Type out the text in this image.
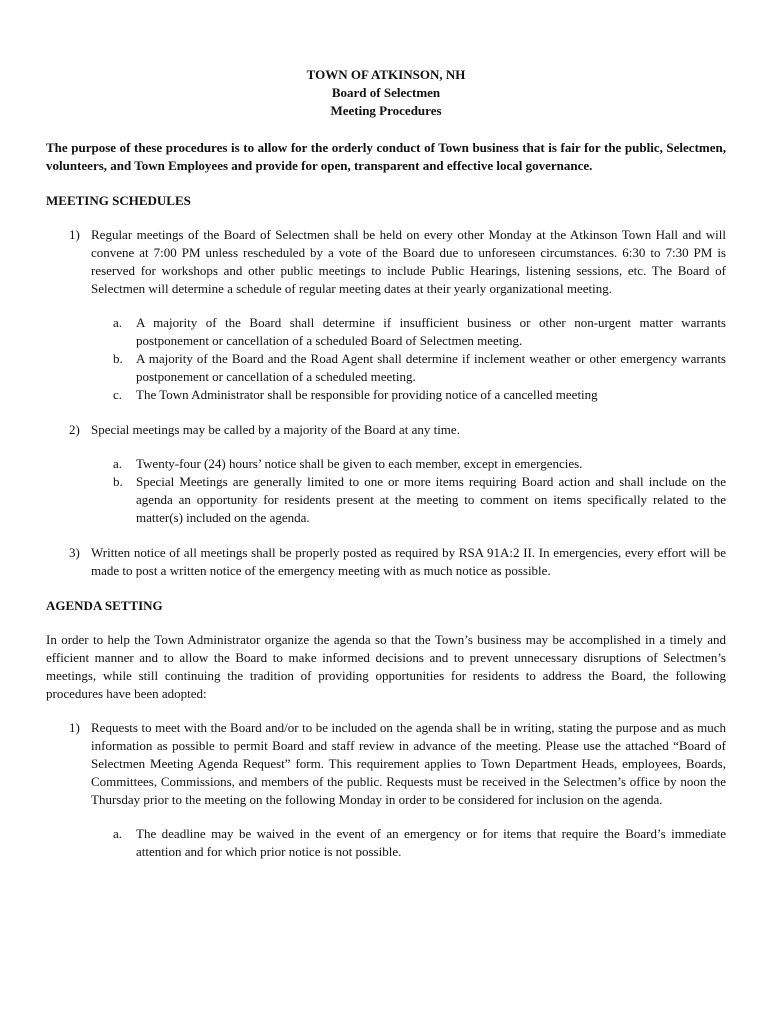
TOWN OF ATKINSON, NH
Board of Selectmen
Meeting Procedures
The purpose of these procedures is to allow for the orderly conduct of Town business that is fair for the public, Selectmen, volunteers, and Town Employees and provide for open, transparent and effective local governance.
MEETING SCHEDULES
1) Regular meetings of the Board of Selectmen shall be held on every other Monday at the Atkinson Town Hall and will convene at 7:00 PM unless rescheduled by a vote of the Board due to unforeseen circumstances. 6:30 to 7:30 PM is reserved for workshops and other public meetings to include Public Hearings, listening sessions, etc. The Board of Selectmen will determine a schedule of regular meeting dates at their yearly organizational meeting.
a. A majority of the Board shall determine if insufficient business or other non-urgent matter warrants postponement or cancellation of a scheduled Board of Selectmen meeting.
b. A majority of the Board and the Road Agent shall determine if inclement weather or other emergency warrants postponement or cancellation of a scheduled meeting.
c. The Town Administrator shall be responsible for providing notice of a cancelled meeting
2) Special meetings may be called by a majority of the Board at any time.
a. Twenty-four (24) hours’ notice shall be given to each member, except in emergencies.
b. Special Meetings are generally limited to one or more items requiring Board action and shall include on the agenda an opportunity for residents present at the meeting to comment on items specifically related to the matter(s) included on the agenda.
3) Written notice of all meetings shall be properly posted as required by RSA 91A:2 II. In emergencies, every effort will be made to post a written notice of the emergency meeting with as much notice as possible.
AGENDA SETTING
In order to help the Town Administrator organize the agenda so that the Town’s business may be accomplished in a timely and efficient manner and to allow the Board to make informed decisions and to prevent unnecessary disruptions of Selectmen’s meetings, while still continuing the tradition of providing opportunities for residents to address the Board, the following procedures have been adopted:
1) Requests to meet with the Board and/or to be included on the agenda shall be in writing, stating the purpose and as much information as possible to permit Board and staff review in advance of the meeting. Please use the attached “Board of Selectmen Meeting Agenda Request” form. This requirement applies to Town Department Heads, employees, Boards, Committees, Commissions, and members of the public. Requests must be received in the Selectmen’s office by noon the Thursday prior to the meeting on the following Monday in order to be considered for inclusion on the agenda.
a. The deadline may be waived in the event of an emergency or for items that require the Board’s immediate attention and for which prior notice is not possible.
